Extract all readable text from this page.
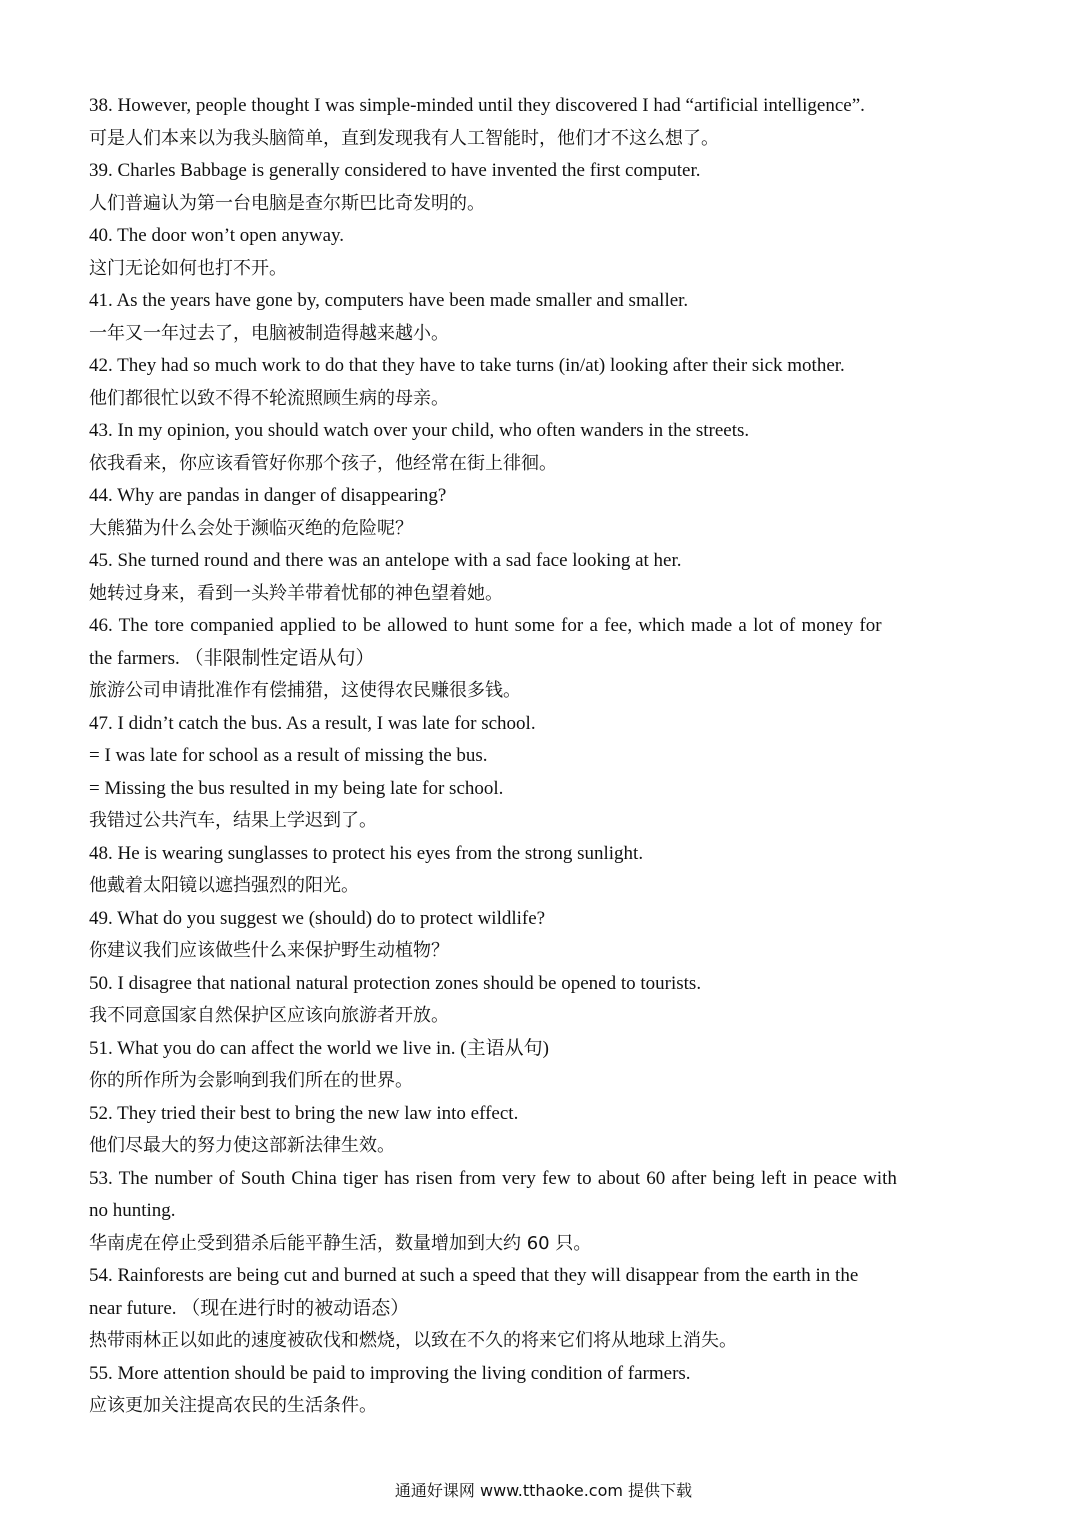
38. However, people thought I was simple-minded until they discovered I had “artificial intelligence”.
可是人们本来以为我头脑简单，直到发现我有人工智能时，他们才不这么想了。
39. Charles Babbage is generally considered to have invented the first computer.
人们普遍认为第一台电脑是查尔斯巴比奇发明的。
40. The door won’t open anyway.
这门无论如何也打不开。
41. As the years have gone by, computers have been made smaller and smaller.
一年又一年过去了，电脑被制造得越来越小。
42. They had so much work to do that they have to take turns (in/at) looking after their sick mother.
他们都很忙以致不得不轮流照顾生病的母亲。
43. In my opinion, you should watch over your child, who often wanders in the streets.
依我看来，你应该看管好你那个孩子，他经常在街上徘徊。
44. Why are pandas in danger of disappearing?
大熊猫为什么会处于濒临灭绝的危险呢？
45. She turned round and there was an antelope with a sad face looking at her.
她转过身来，看到一头羚羊带着忧郁的神色望着她。
46. The tore companied applied to be allowed to hunt some for a fee, which made a lot of money for
the farmers. （非限制性定语从句）
旅游公司申请批准作有偿捕猎，这使得农民赚很多钱。
47. I didn’t catch the bus. As a result, I was late for school.
= I was late for school as a result of missing the bus.
= Missing the bus resulted in my being late for school.
我错过公共汽车，结果上学迟到了。
48. He is wearing sunglasses to protect his eyes from the strong sunlight.
他戴着太阳镜以遮挡强烈的阳光。
49. What do you suggest we (should) do to protect wildlife?
你建议我们应该做些什么来保护野生动植物？
50. I disagree that national natural protection zones should be opened to tourists.
我不同意国家自然保护区应该向旅游者开放。
51. What you do can affect the world we live in. (主语从句)
你的所作所为会影响到我们所在的世界。
52. They tried their best to bring the new law into effect.
他们尽最大的努力使这部新法律生效。
53. The number of South China tiger has risen from very few to about 60 after being left in peace with
no hunting.
华南虎在停止受到猎杀后能平静生活，数量增加到大约 60 只。
54. Rainforests are being cut and burned at such a speed that they will disappear from the earth in the
near future. （现在进行时的被动语态）
热带雨林正以如此的速度被砍伐和燃烧，以致在不久的将来它们将从地球上消失。
55. More attention should be paid to improving the living condition of farmers.
应该更加关注提高农民的生活条件。
通通好课网 www.tthaoke.com 提供下载
